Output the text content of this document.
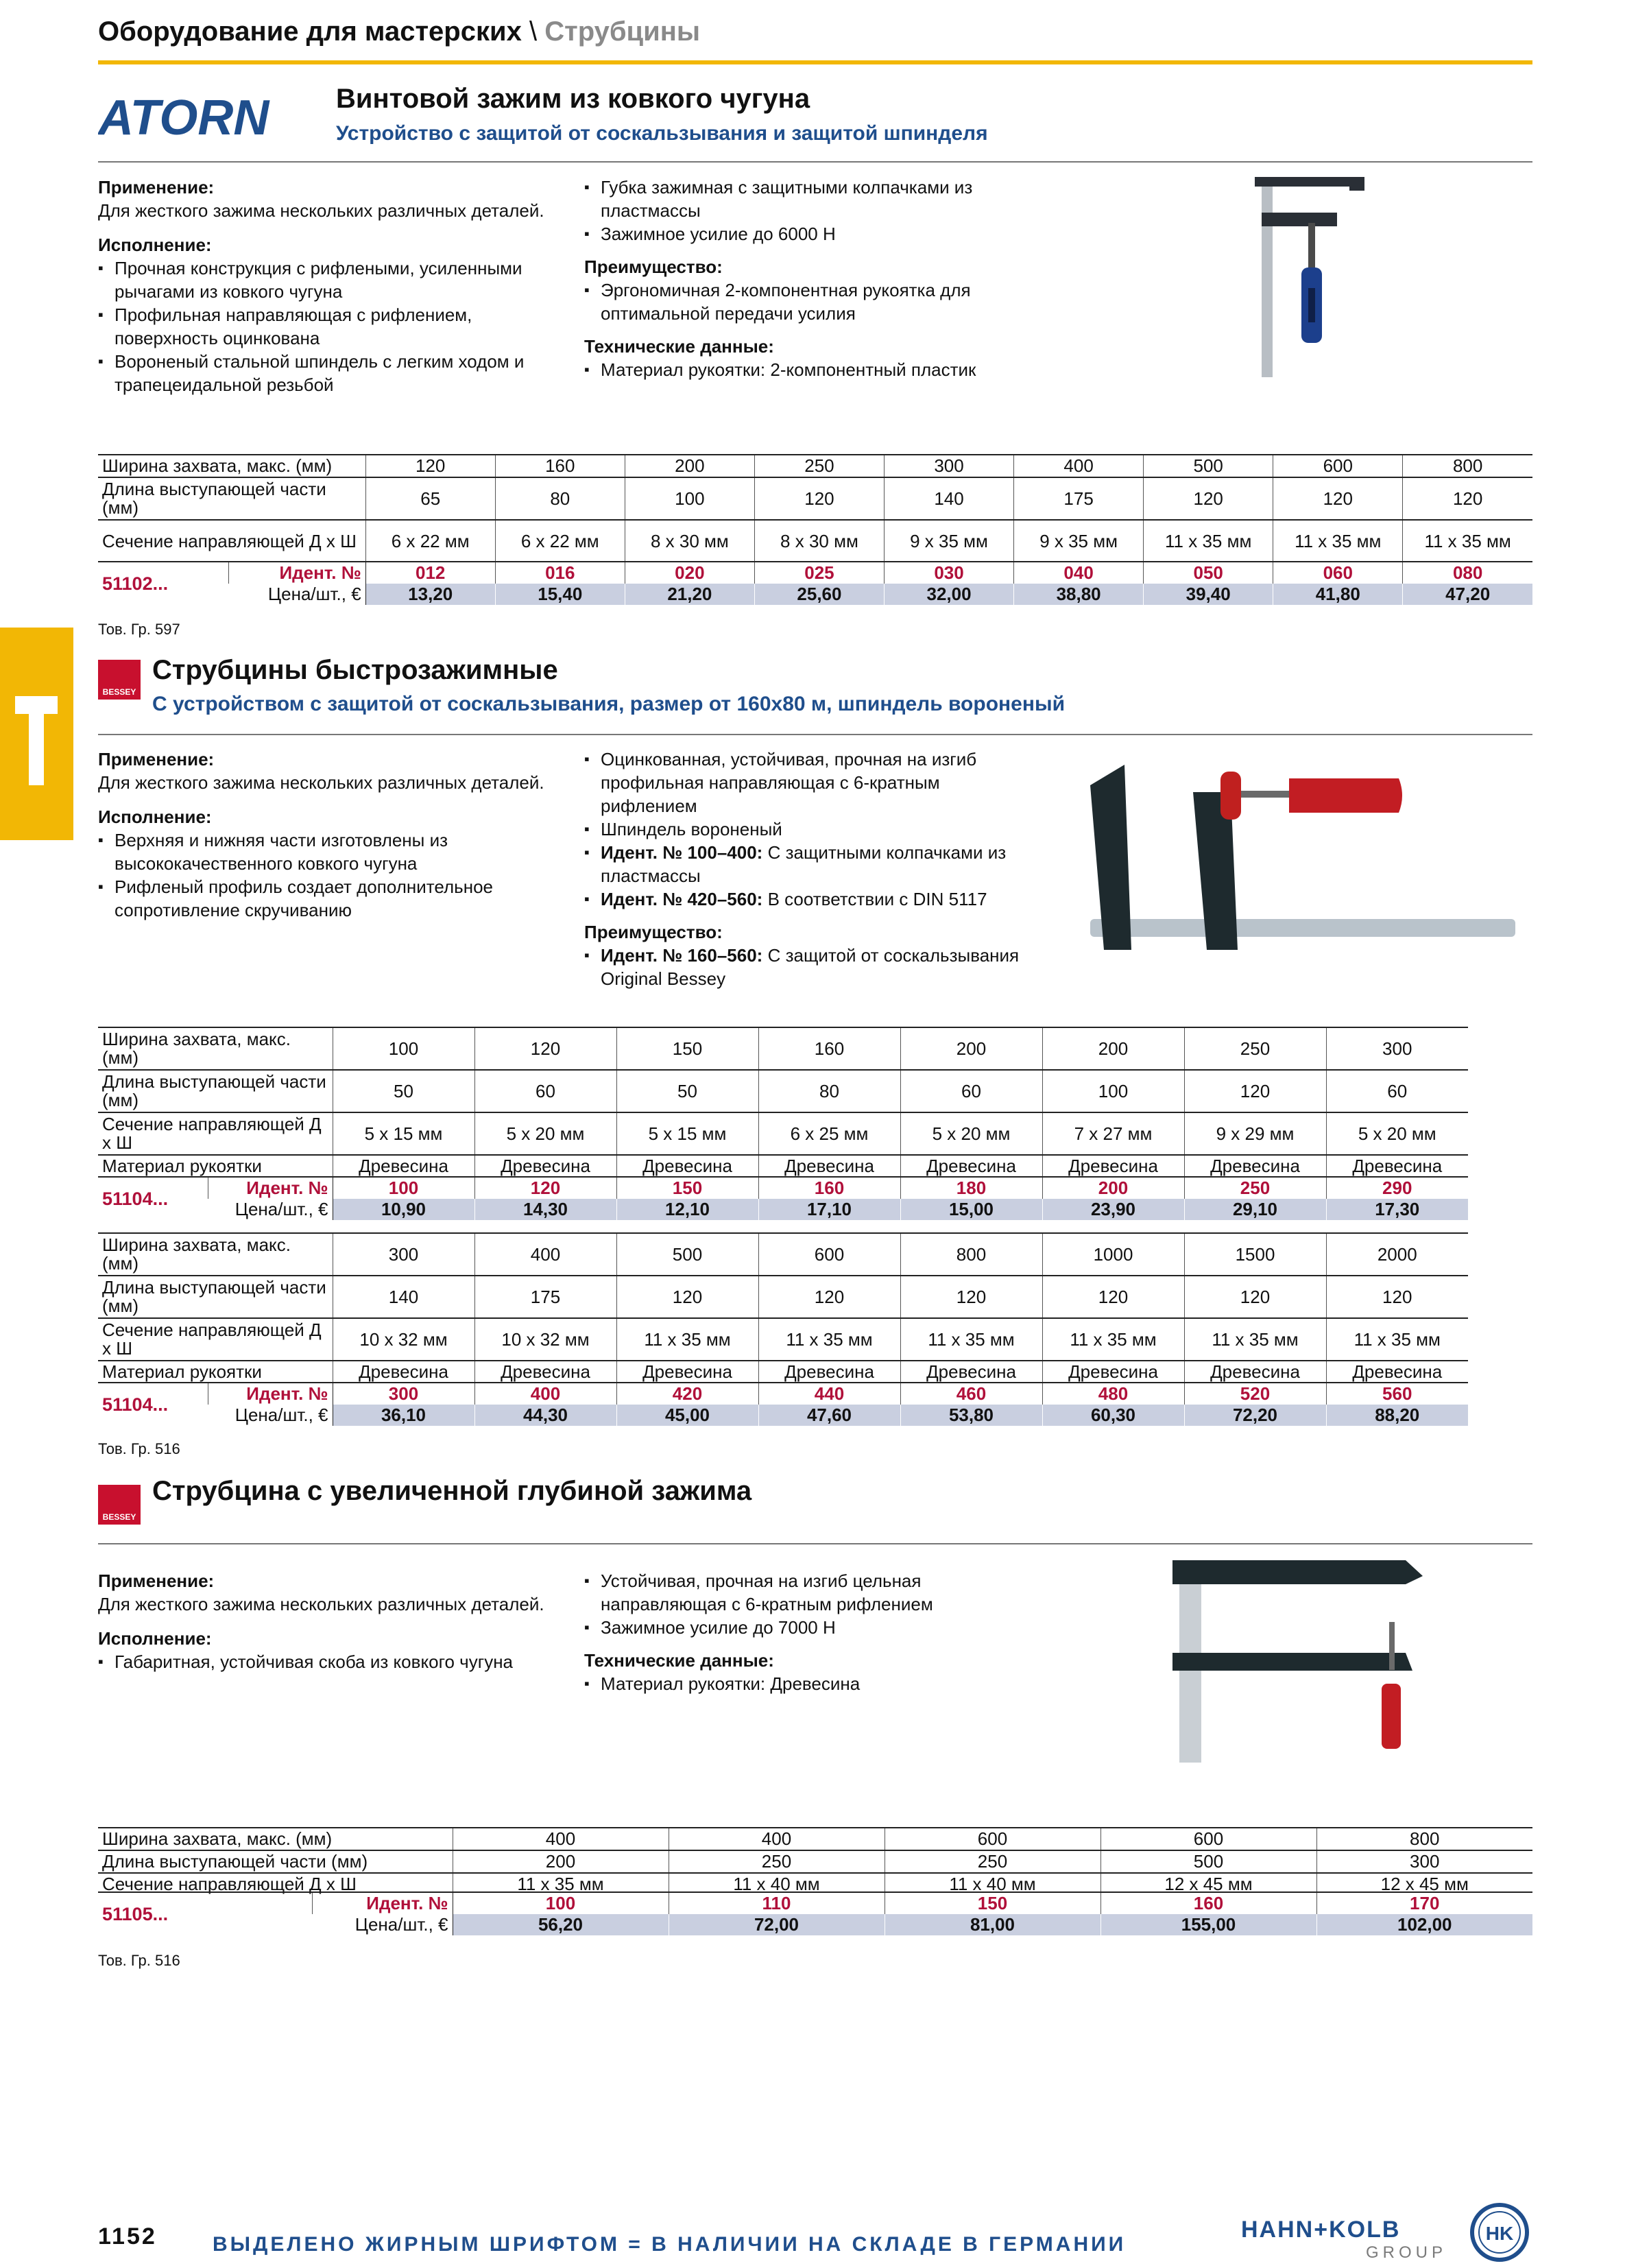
Оборудование для мастерских \ Струбцины
ATORN Винтовой зажим из ковкого чугуна
Устройство с защитой от соскальзывания и защитой шпинделя
Применение:
Для жесткого зажима нескольких различных деталей.
Исполнение:
▪ Прочная конструкция с рифлеными, усиленными рычагами из ковкого чугуна
▪ Профильная направляющая с рифлением, поверхность оцинкована
▪ Вороненый стальной шпиндель с легким ходом и трапецеидальной резьбой
▪ Губка зажимная с защитными колпачками из пластмассы
▪ Зажимное усилие до 6000 Н
Преимущество:
▪ Эргономичная 2-компонентная рукоятка для оптимальной передачи усилия
Технические данные:
▪ Материал рукоятки: 2-компонентный пластик
Ширина захвата, макс. (мм)	120	160	200	250	300	400	500	600	800
Длина выступающей части (мм)	65	80	100	120	140	175	120	120	120
Сечение направляющей Д x Ш	6 x 22 мм	6 x 22 мм	8 x 30 мм	8 x 30 мм	9 x 35 мм	9 x 35 мм	11 x 35 мм	11 x 35 мм	11 x 35 мм
51102...	Идент. №	012	016	020	025	030	040	050	060	080
	Цена/шт., €	13,20	15,40	21,20	25,60	32,00	38,80	39,40	41,80	47,20
Тов. Гр. 597
BESSEY
Струбцины быстрозажимные
С устройством с защитой от соскальзывания, размер от 160x80 м, шпиндель вороненый
Применение:
Для жесткого зажима нескольких различных деталей.
Исполнение:
▪ Верхняя и нижняя части изготовлены из высококачественного ковкого чугуна
▪ Рифленый профиль создает дополнительное сопротивление скручиванию
▪ Оцинкованная, устойчивая, прочная на изгиб профильная направляющая с 6-кратным рифлением
▪ Шпиндель вороненый
▪ Идент. № 100–400: С защитными колпачками из пластмассы
▪ Идент. № 420–560: В соответствии с DIN 5117
Преимущество:
▪ Идент. № 160–560: С защитой от соскальзывания Original Bessey
Ширина захвата, макс. (мм)	100	120	150	160	200	200	250	300
Длина выступающей части (мм)	50	60	50	80	60	100	120	60
Сечение направляющей Д x Ш	5 x 15 мм	5 x 20 мм	5 x 15 мм	6 x 25 мм	5 x 20 мм	7 x 27 мм	9 x 29 мм	5 x 20 мм
Материал рукоятки	Древесина	Древесина	Древесина	Древесина	Древесина	Древесина	Древесина	Древесина
51104...	Идент. №	100	120	150	160	180	200	250	290
	Цена/шт., €	10,90	14,30	12,10	17,10	15,00	23,90	29,10	17,30
Ширина захвата, макс. (мм)	300	400	500	600	800	1000	1500	2000
Длина выступающей части (мм)	140	175	120	120	120	120	120	120
Сечение направляющей Д x Ш	10 x 32 мм	10 x 32 мм	11 x 35 мм	11 x 35 мм	11 x 35 мм	11 x 35 мм	11 x 35 мм	11 x 35 мм
Материал рукоятки	Древесина	Древесина	Древесина	Древесина	Древесина	Древесина	Древесина	Древесина
51104...	Идент. №	300	400	420	440	460	480	520	560
	Цена/шт., €	36,10	44,30	45,00	47,60	53,80	60,30	72,20	88,20
Тов. Гр. 516
BESSEY
Струбцина с увеличенной глубиной зажима
Применение:
Для жесткого зажима нескольких различных деталей.
Исполнение:
▪ Габаритная, устойчивая скоба из ковкого чугуна
▪ Устойчивая, прочная на изгиб цельная направляющая с 6-кратным рифлением
▪ Зажимное усилие до 7000 Н
Технические данные:
▪ Материал рукоятки: Древесина
Ширина захвата, макс. (мм)	400	400	600	600	800
Длина выступающей части (мм)	200	250	250	500	300
Сечение направляющей Д x Ш	11 x 35 мм	11 x 40 мм	11 x 40 мм	12 x 45 мм	12 x 45 мм
51105...	Идент. №	100	110	150	160	170
	Цена/шт., €	56,20	72,00	81,00	155,00	102,00
Тов. Гр. 516
1152	ВЫДЕЛЕНО ЖИРНЫМ ШРИФТОМ = В НАЛИЧИИ НА СКЛАДЕ В ГЕРМАНИИ
HAHN+KOLB
GROUP
HK
